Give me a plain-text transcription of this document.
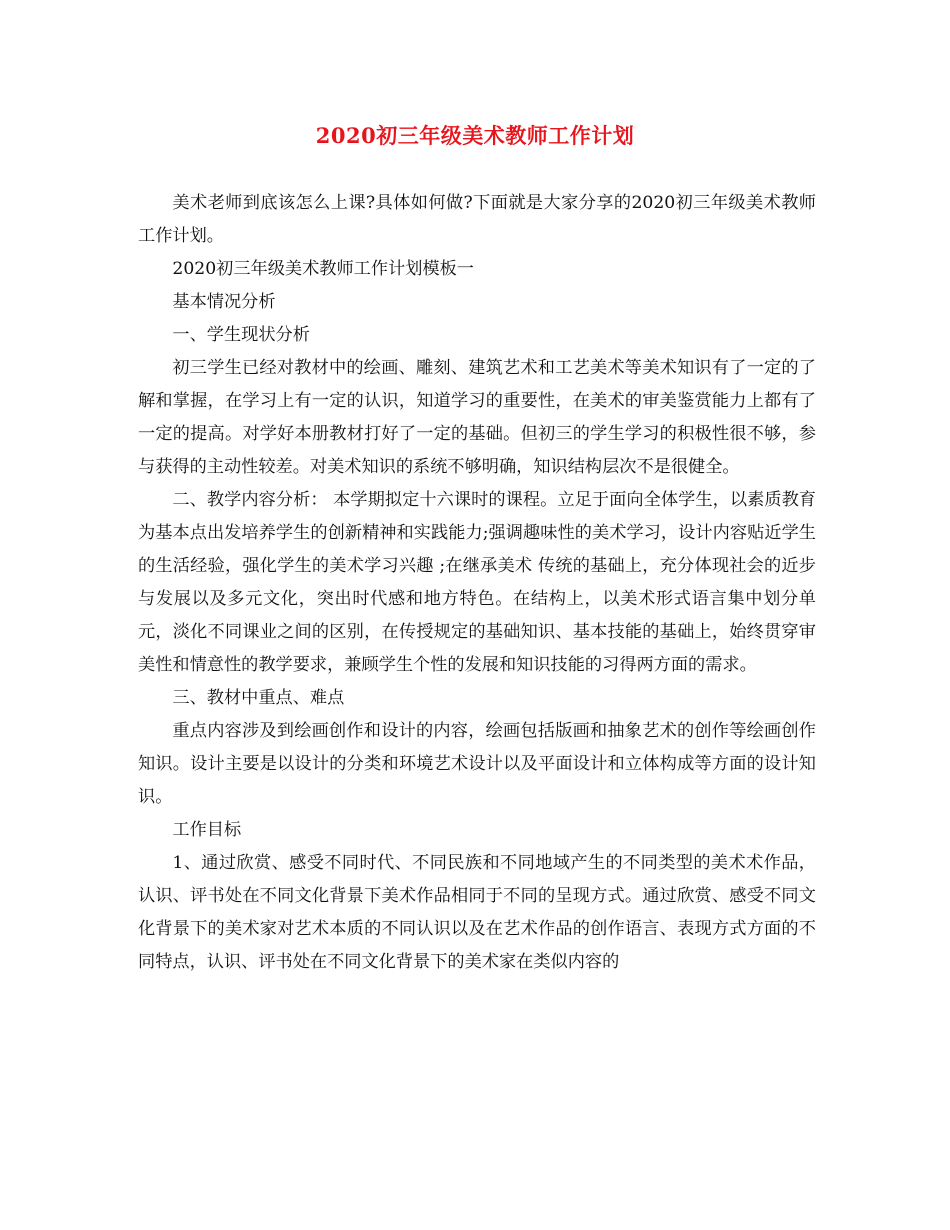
2020初三年级美术教师工作计划

美术老师到底该怎么上课?具体如何做?下面就是大家分享的2020初三年级美术教师工作计划。

2020初三年级美术教师工作计划模板一

基本情况分析

一、学生现状分析

初三学生已经对教材中的绘画、雕刻、建筑艺术和工艺美术等美术知识有了一定的了解和掌握，在学习上有一定的认识，知道学习的重要性，在美术的审美鉴赏能力上都有了一定的提高。对学好本册教材打好了一定的基础。但初三的学生学习的积极性很不够，参与获得的主动性较差。对美术知识的系统不够明确，知识结构层次不是很健全。

二、教学内容分析： 本学期拟定十六课时的课程。立足于面向全体学生，以素质教育为基本点出发培养学生的创新精神和实践能力;强调趣味性的美术学习，设计内容贴近学生的生活经验，强化学生的美术学习兴趣 ;在继承美术 传统的基础上，充分体现社会的近步与发展以及多元文化，突出时代感和地方特色。在结构上，以美术形式语言集中划分单元，淡化不同课业之间的区别，在传授规定的基础知识、基本技能的基础上，始终贯穿审美性和情意性的教学要求，兼顾学生个性的发展和知识技能的习得两方面的需求。

三、教材中重点、难点

重点内容涉及到绘画创作和设计的内容，绘画包括版画和抽象艺术的创作等绘画创作知识。设计主要是以设计的分类和环境艺术设计以及平面设计和立体构成等方面的设计知识。

工作目标

1、通过欣赏、感受不同时代、不同民族和不同地域产生的不同类型的美术术作品，认识、评书处在不同文化背景下美术作品相同于不同的呈现方式。通过欣赏、感受不同文化背景下的美术家对艺术本质的不同认识以及在艺术作品的创作语言、表现方式方面的不同特点，认识、评书处在不同文化背景下的美术家在类似内容的
